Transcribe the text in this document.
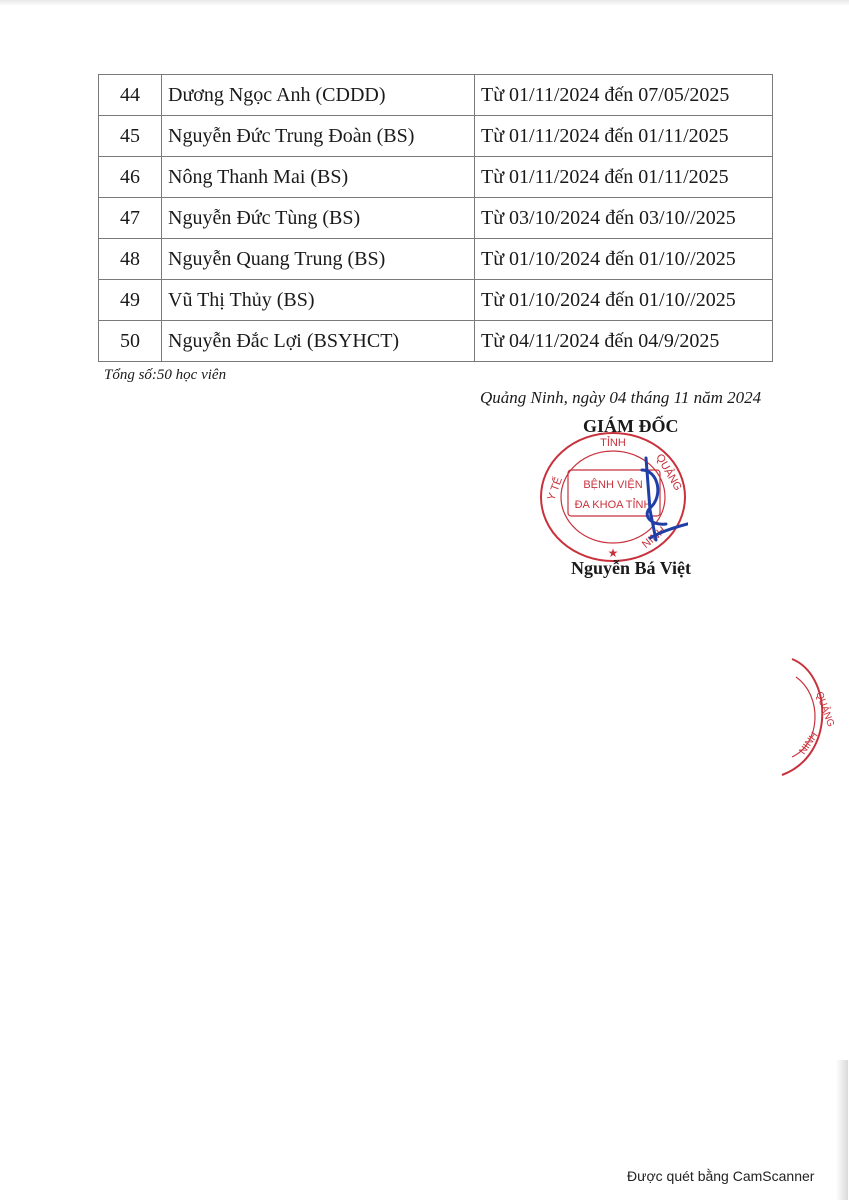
44	Dương Ngọc Anh (CDDD)	Từ 01/11/2024 đến 07/05/2025
45	Nguyễn Đức Trung Đoàn (BS)	Từ 01/11/2024 đến 01/11/2025
46	Nông Thanh Mai (BS)	Từ 01/11/2024 đến 01/11/2025
47	Nguyễn Đức Tùng (BS)	Từ 03/10/2024 đến 03/10//2025
48	Nguyễn Quang Trung (BS)	Từ 01/10/2024 đến 01/10//2025
49	Vũ Thị Thủy (BS)	Từ 01/10/2024 đến 01/10//2025
50	Nguyễn Đắc Lợi (BSYHCT)	Từ 04/11/2024 đến 04/9/2025
Tổng số:50 học viên
Quảng Ninh, ngày 04 tháng 11 năm 2024
GIÁM ĐỐC
TỈNH
BỆNH VIỆN
ĐA KHOA TỈNH
QUẢNG
Y TẾ
NINH
★
Nguyễn Bá Việt
QUẢNG
NINH
Được quét bằng CamScanner
